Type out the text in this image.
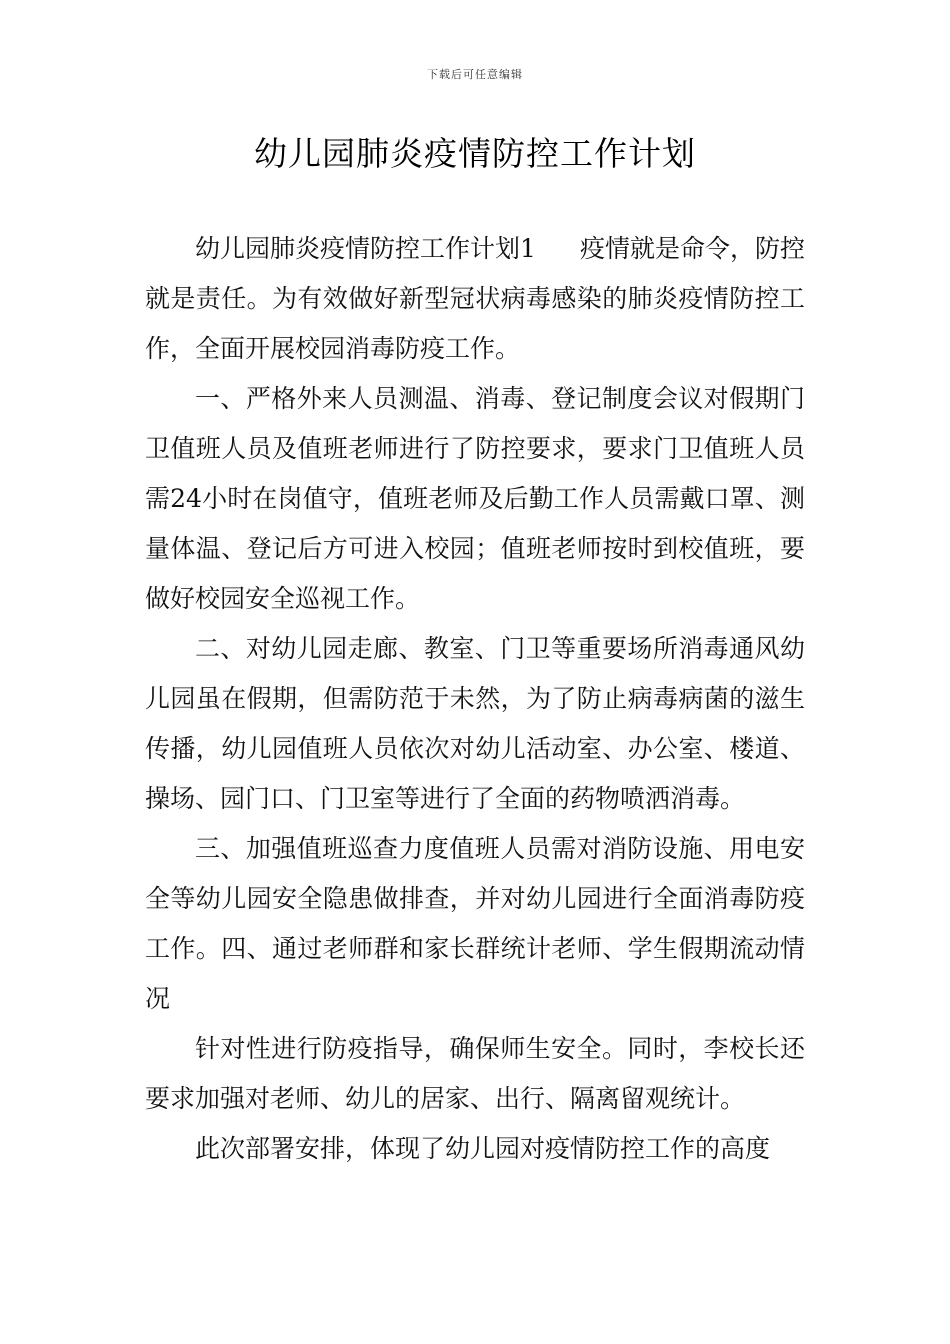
下载后可任意编辑
幼儿园肺炎疫情防控工作计划

幼儿园肺炎疫情防控工作计划1 疫情就是命令，防控就是责任。为有效做好新型冠状病毒感染的肺炎疫情防控工作，全面开展校园消毒防疫工作。

一、严格外来人员测温、消毒、登记制度会议对假期门卫值班人员及值班老师进行了防控要求，要求门卫值班人员需24小时在岗值守，值班老师及后勤工作人员需戴口罩、测量体温、登记后方可进入校园；值班老师按时到校值班，要做好校园安全巡视工作。

二、对幼儿园走廊、教室、门卫等重要场所消毒通风幼儿园虽在假期，但需防范于未然，为了防止病毒病菌的滋生传播，幼儿园值班人员依次对幼儿活动室、办公室、楼道、操场、园门口、门卫室等进行了全面的药物喷洒消毒。

三、加强值班巡查力度值班人员需对消防设施、用电安全等幼儿园安全隐患做排查，并对幼儿园进行全面消毒防疫工作。四、通过老师群和家长群统计老师、学生假期流动情况

针对性进行防疫指导，确保师生安全。同时，李校长还要求加强对老师、幼儿的居家、出行、隔离留观统计。

此次部署安排，体现了幼儿园对疫情防控工作的高度
